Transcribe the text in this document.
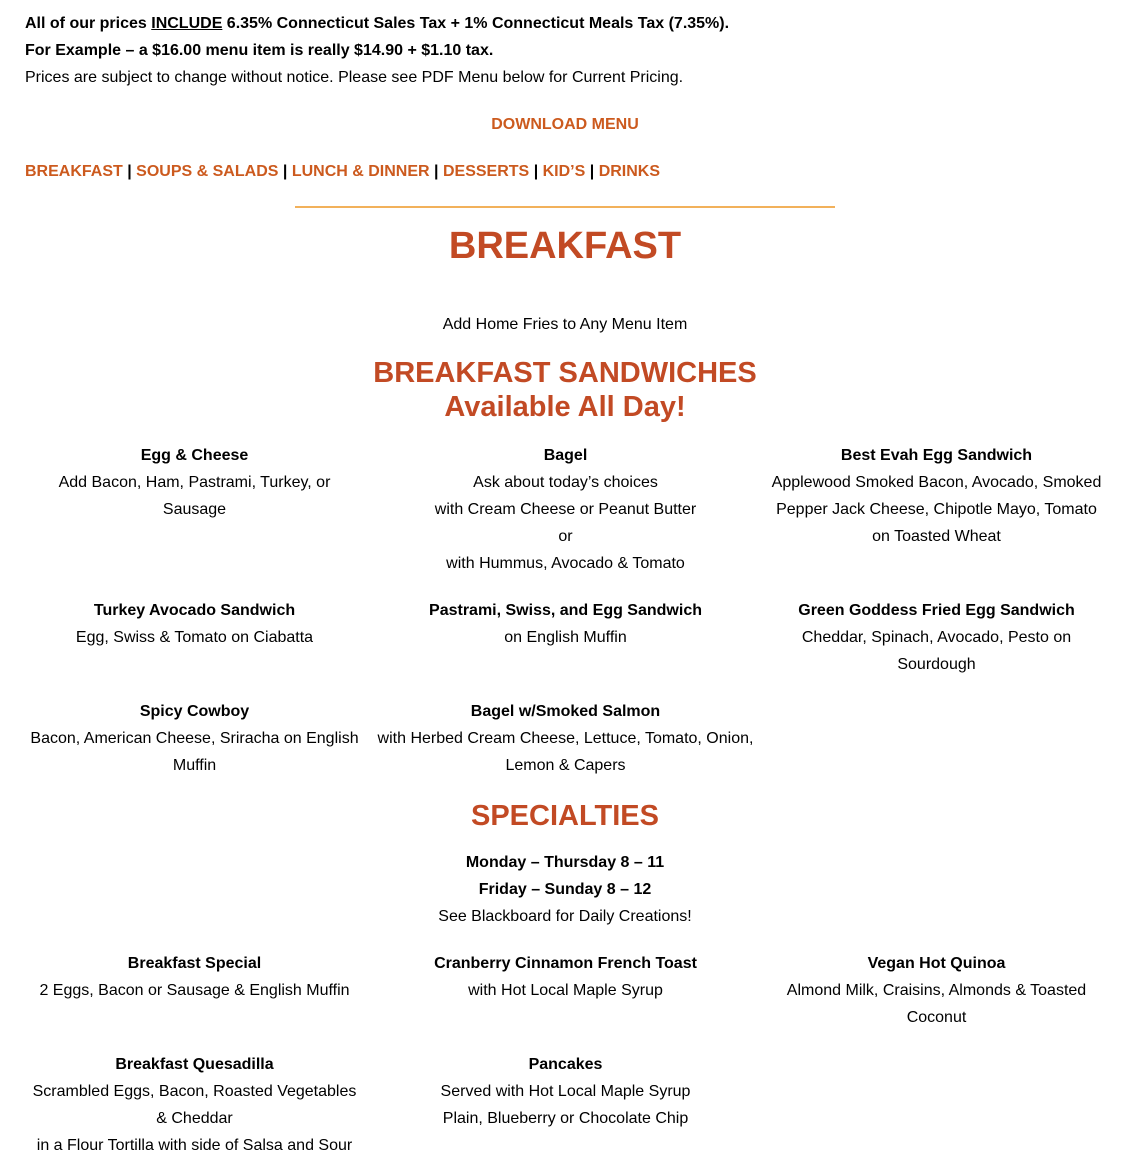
All of our prices INCLUDE 6.35% Connecticut Sales Tax + 1% Connecticut Meals Tax (7.35%).

For Example – a $16.00 menu item is really $14.90 + $1.10 tax.

Prices are subject to change without notice. Please see PDF Menu below for Current Pricing.

DOWNLOAD MENU
BREAKFAST | SOUPS & SALADS | LUNCH & DINNER | DESSERTS | KID’S | DRINKS
BREAKFAST
Add Home Fries to Any Menu Item
BREAKFAST SANDWICHES
Available All Day!
Egg & Cheese
Add Bacon, Ham, Pastrami, Turkey, or Sausage
Bagel
Ask about today’s choices
with Cream Cheese or Peanut Butter
or
with Hummus, Avocado & Tomato
Best Evah Egg Sandwich
Applewood Smoked Bacon, Avocado, Smoked Pepper Jack Cheese, Chipotle Mayo, Tomato on Toasted Wheat
Turkey Avocado Sandwich
Egg, Swiss & Tomato on Ciabatta
Pastrami, Swiss, and Egg Sandwich
on English Muffin
Green Goddess Fried Egg Sandwich
Cheddar, Spinach, Avocado, Pesto on Sourdough
Spicy Cowboy
Bacon, American Cheese, Sriracha on English Muffin
Bagel w/Smoked Salmon
with Herbed Cream Cheese, Lettuce, Tomato, Onion, Lemon & Capers
SPECIALTIES
Monday – Thursday 8 – 11
Friday – Sunday 8 – 12
See Blackboard for Daily Creations!
Breakfast Special
2 Eggs, Bacon or Sausage & English Muffin
Cranberry Cinnamon French Toast
with Hot Local Maple Syrup
Vegan Hot Quinoa
Almond Milk, Craisins, Almonds & Toasted Coconut
Breakfast Quesadilla
Scrambled Eggs, Bacon, Roasted Vegetables & Cheddar
in a Flour Tortilla with side of Salsa and Sour
Pancakes
Served with Hot Local Maple Syrup
Plain, Blueberry or Chocolate Chip
